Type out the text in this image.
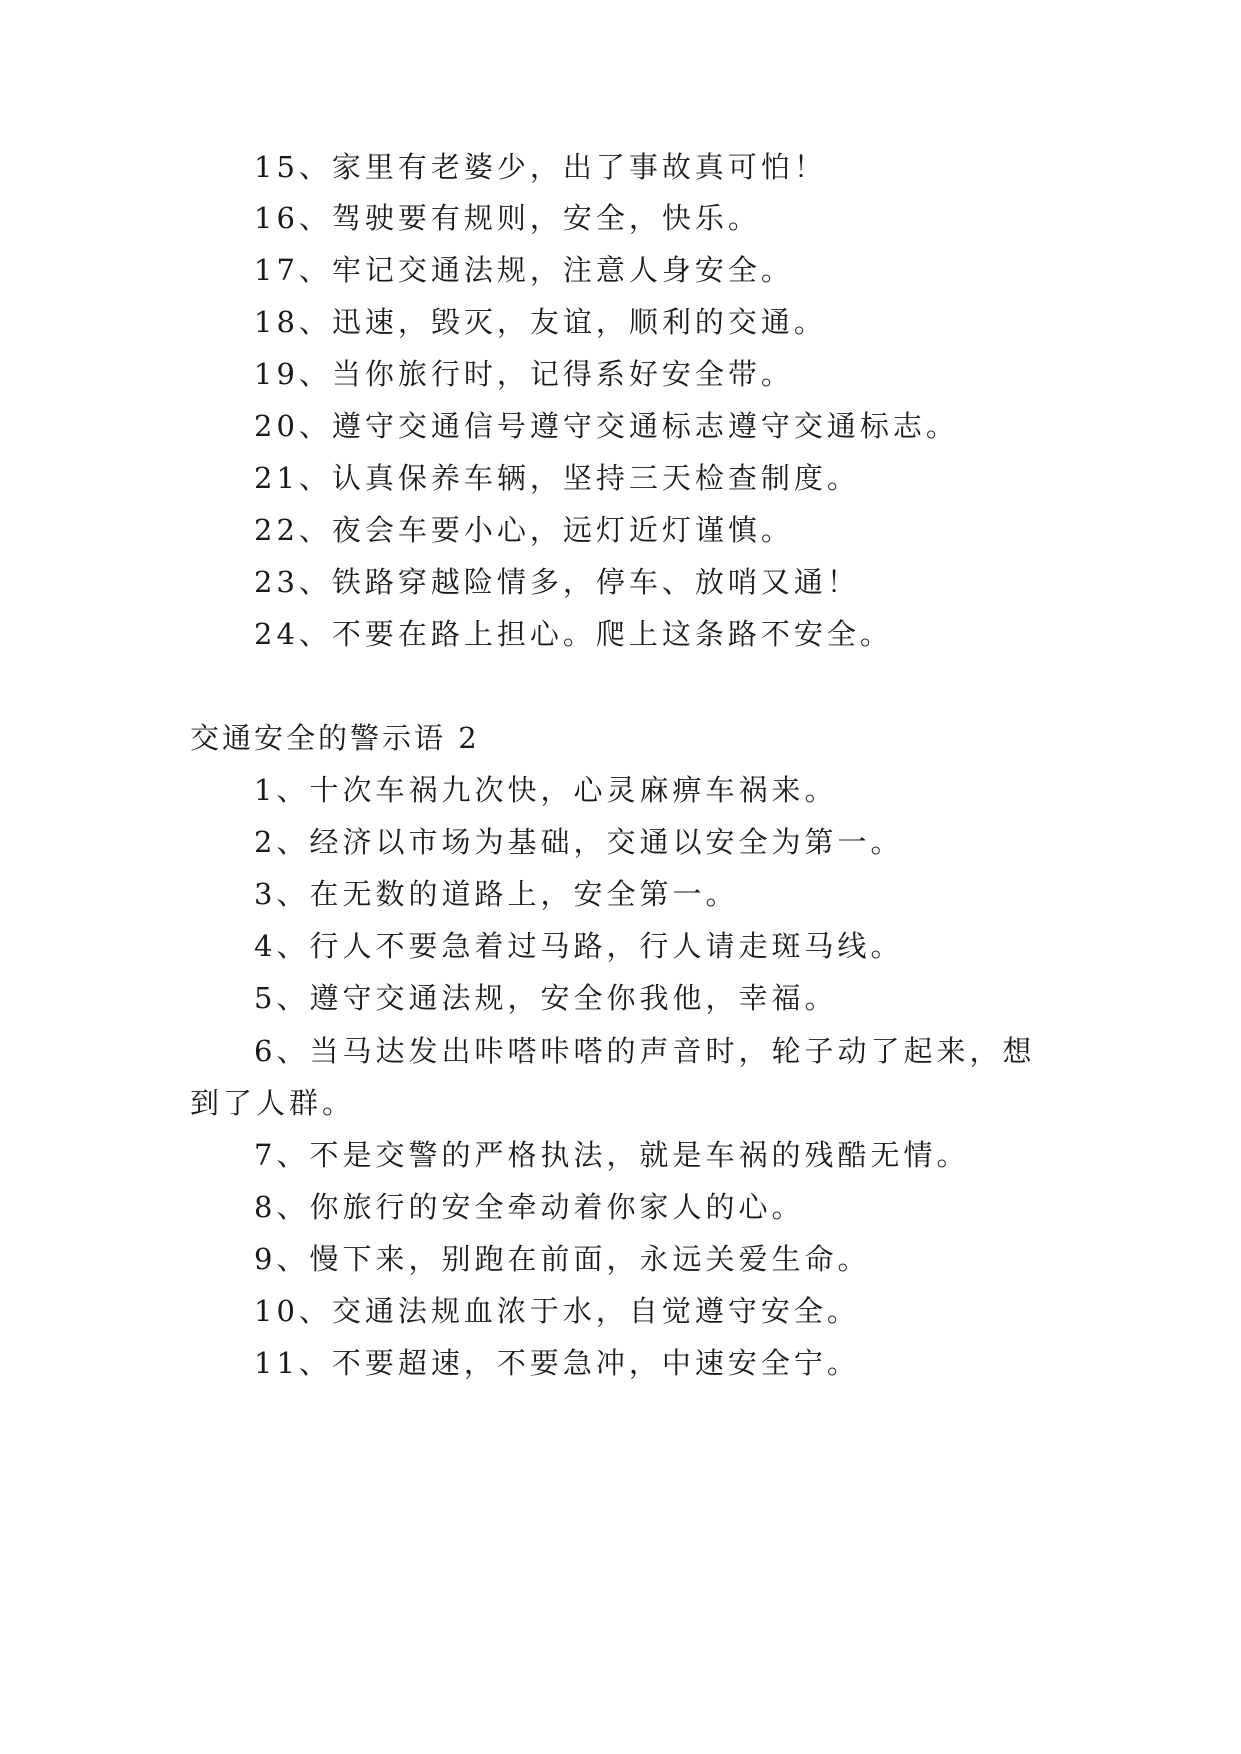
15、家里有老婆少，出了事故真可怕！
16、驾驶要有规则，安全，快乐。
17、牢记交通法规，注意人身安全。
18、迅速，毁灭，友谊，顺利的交通。
19、当你旅行时，记得系好安全带。
20、遵守交通信号遵守交通标志遵守交通标志。
21、认真保养车辆，坚持三天检查制度。
22、夜会车要小心，远灯近灯谨慎。
23、铁路穿越险情多，停车、放哨又通！
24、不要在路上担心。爬上这条路不安全。
交通安全的警示语 2
1、十次车祸九次快，心灵麻痹车祸来。
2、经济以市场为基础，交通以安全为第一。
3、在无数的道路上，安全第一。
4、行人不要急着过马路，行人请走斑马线。
5、遵守交通法规，安全你我他，幸福。
6、当马达发出咔嗒咔嗒的声音时，轮子动了起来，想
到了人群。
7、不是交警的严格执法，就是车祸的残酷无情。
8、你旅行的安全牵动着你家人的心。
9、慢下来，别跑在前面，永远关爱生命。
10、交通法规血浓于水，自觉遵守安全。
11、不要超速，不要急冲，中速安全宁。
